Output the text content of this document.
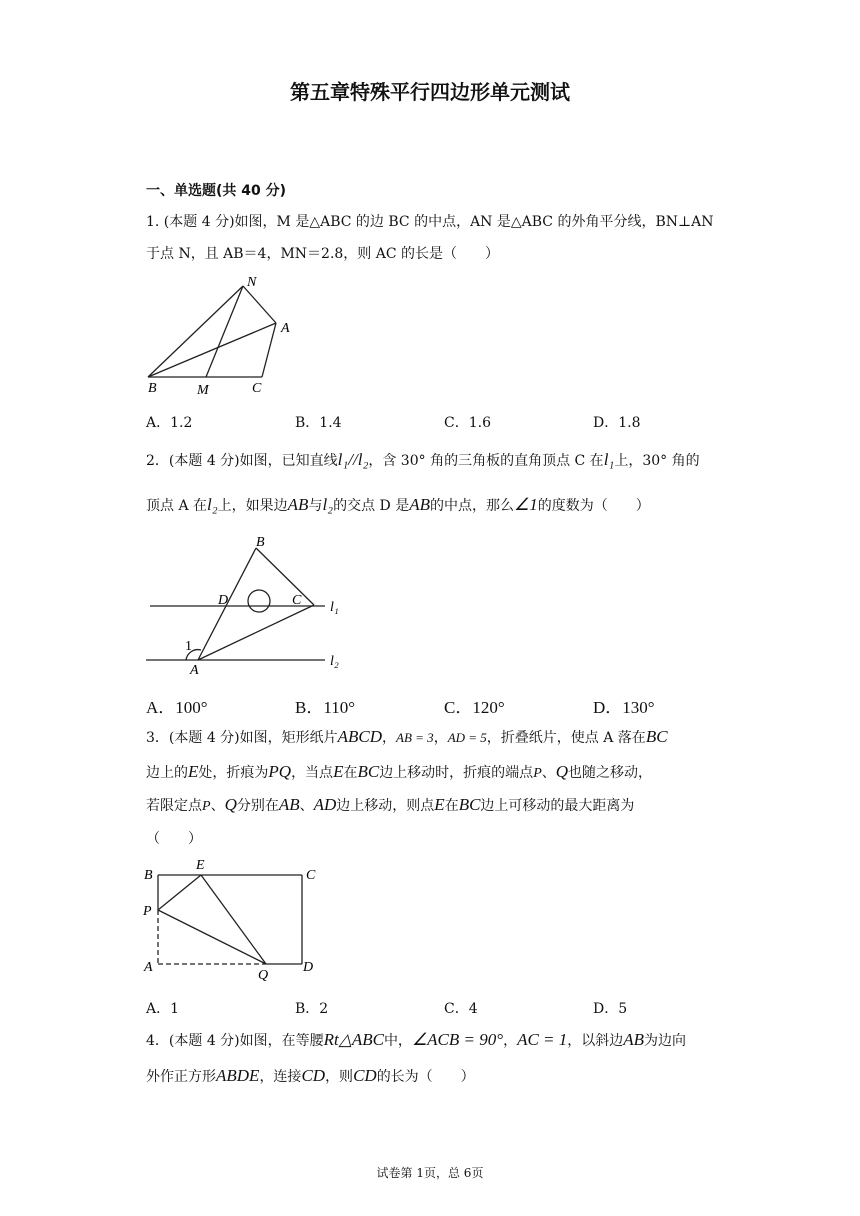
第五章特殊平行四边形单元测试
一、单选题(共 40 分)
1. (本题 4 分)如图，M 是△ABC 的边 BC 的中点，AN 是△ABC 的外角平分线，BN⊥AN
于点 N，且 AB＝4，MN＝2.8，则 AC 的长是（　　）
N
A
B	M	C
A．1.2	B．1.4	C．1.6	D．1.8
2．(本题 4 分)如图，已知直线l₁//l₂，含 30° 角的三角板的直角顶点 C 在l₁上，30° 角的
顶点 A 在l₂上，如果边AB与l₂的交点 D 是AB的中点，那么∠1的度数为（　　）
B
D	C
A
1
l₁
l₂
A．100°	B．110°	C．120°	D．130°
3．(本题 4 分)如图，矩形纸片ABCD，AB = 3，AD = 5，折叠纸片，使点 A 落在BC
边上的E处，折痕为PQ，当点E在BC边上移动时，折痕的端点P、Q也随之移动，
若限定点P、Q分别在AB、AD边上移动，则点E在BC边上可移动的最大距离为
（　　）
B
E
C
P
A
Q
D
A．1	B．2	C．4	D．5
4．(本题 4 分)如图，在等腰Rt△ABC中，∠ACB = 90°，AC = 1，以斜边AB为边向
外作正方形ABDE，连接CD，则CD的长为（　　）
试卷第 1页，总 6页
